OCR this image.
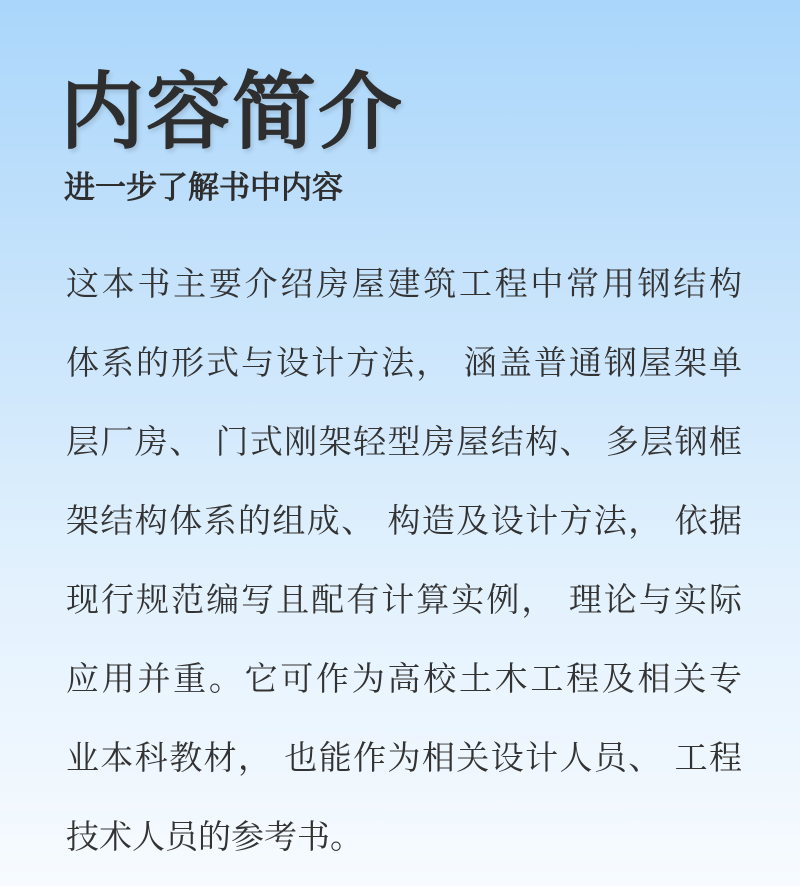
内容简介
进一步了解书中内容
这本书主要介绍房屋建筑工程中常用钢结构
体系的形式与设计方法， 涵盖普通钢屋架单
层厂房、 门式刚架轻型房屋结构、 多层钢框
架结构体系的组成、 构造及设计方法， 依据
现行规范编写且配有计算实例， 理论与实际
应用并重。它可作为高校土木工程及相关专
业本科教材， 也能作为相关设计人员、 工程
技术人员的参考书。
